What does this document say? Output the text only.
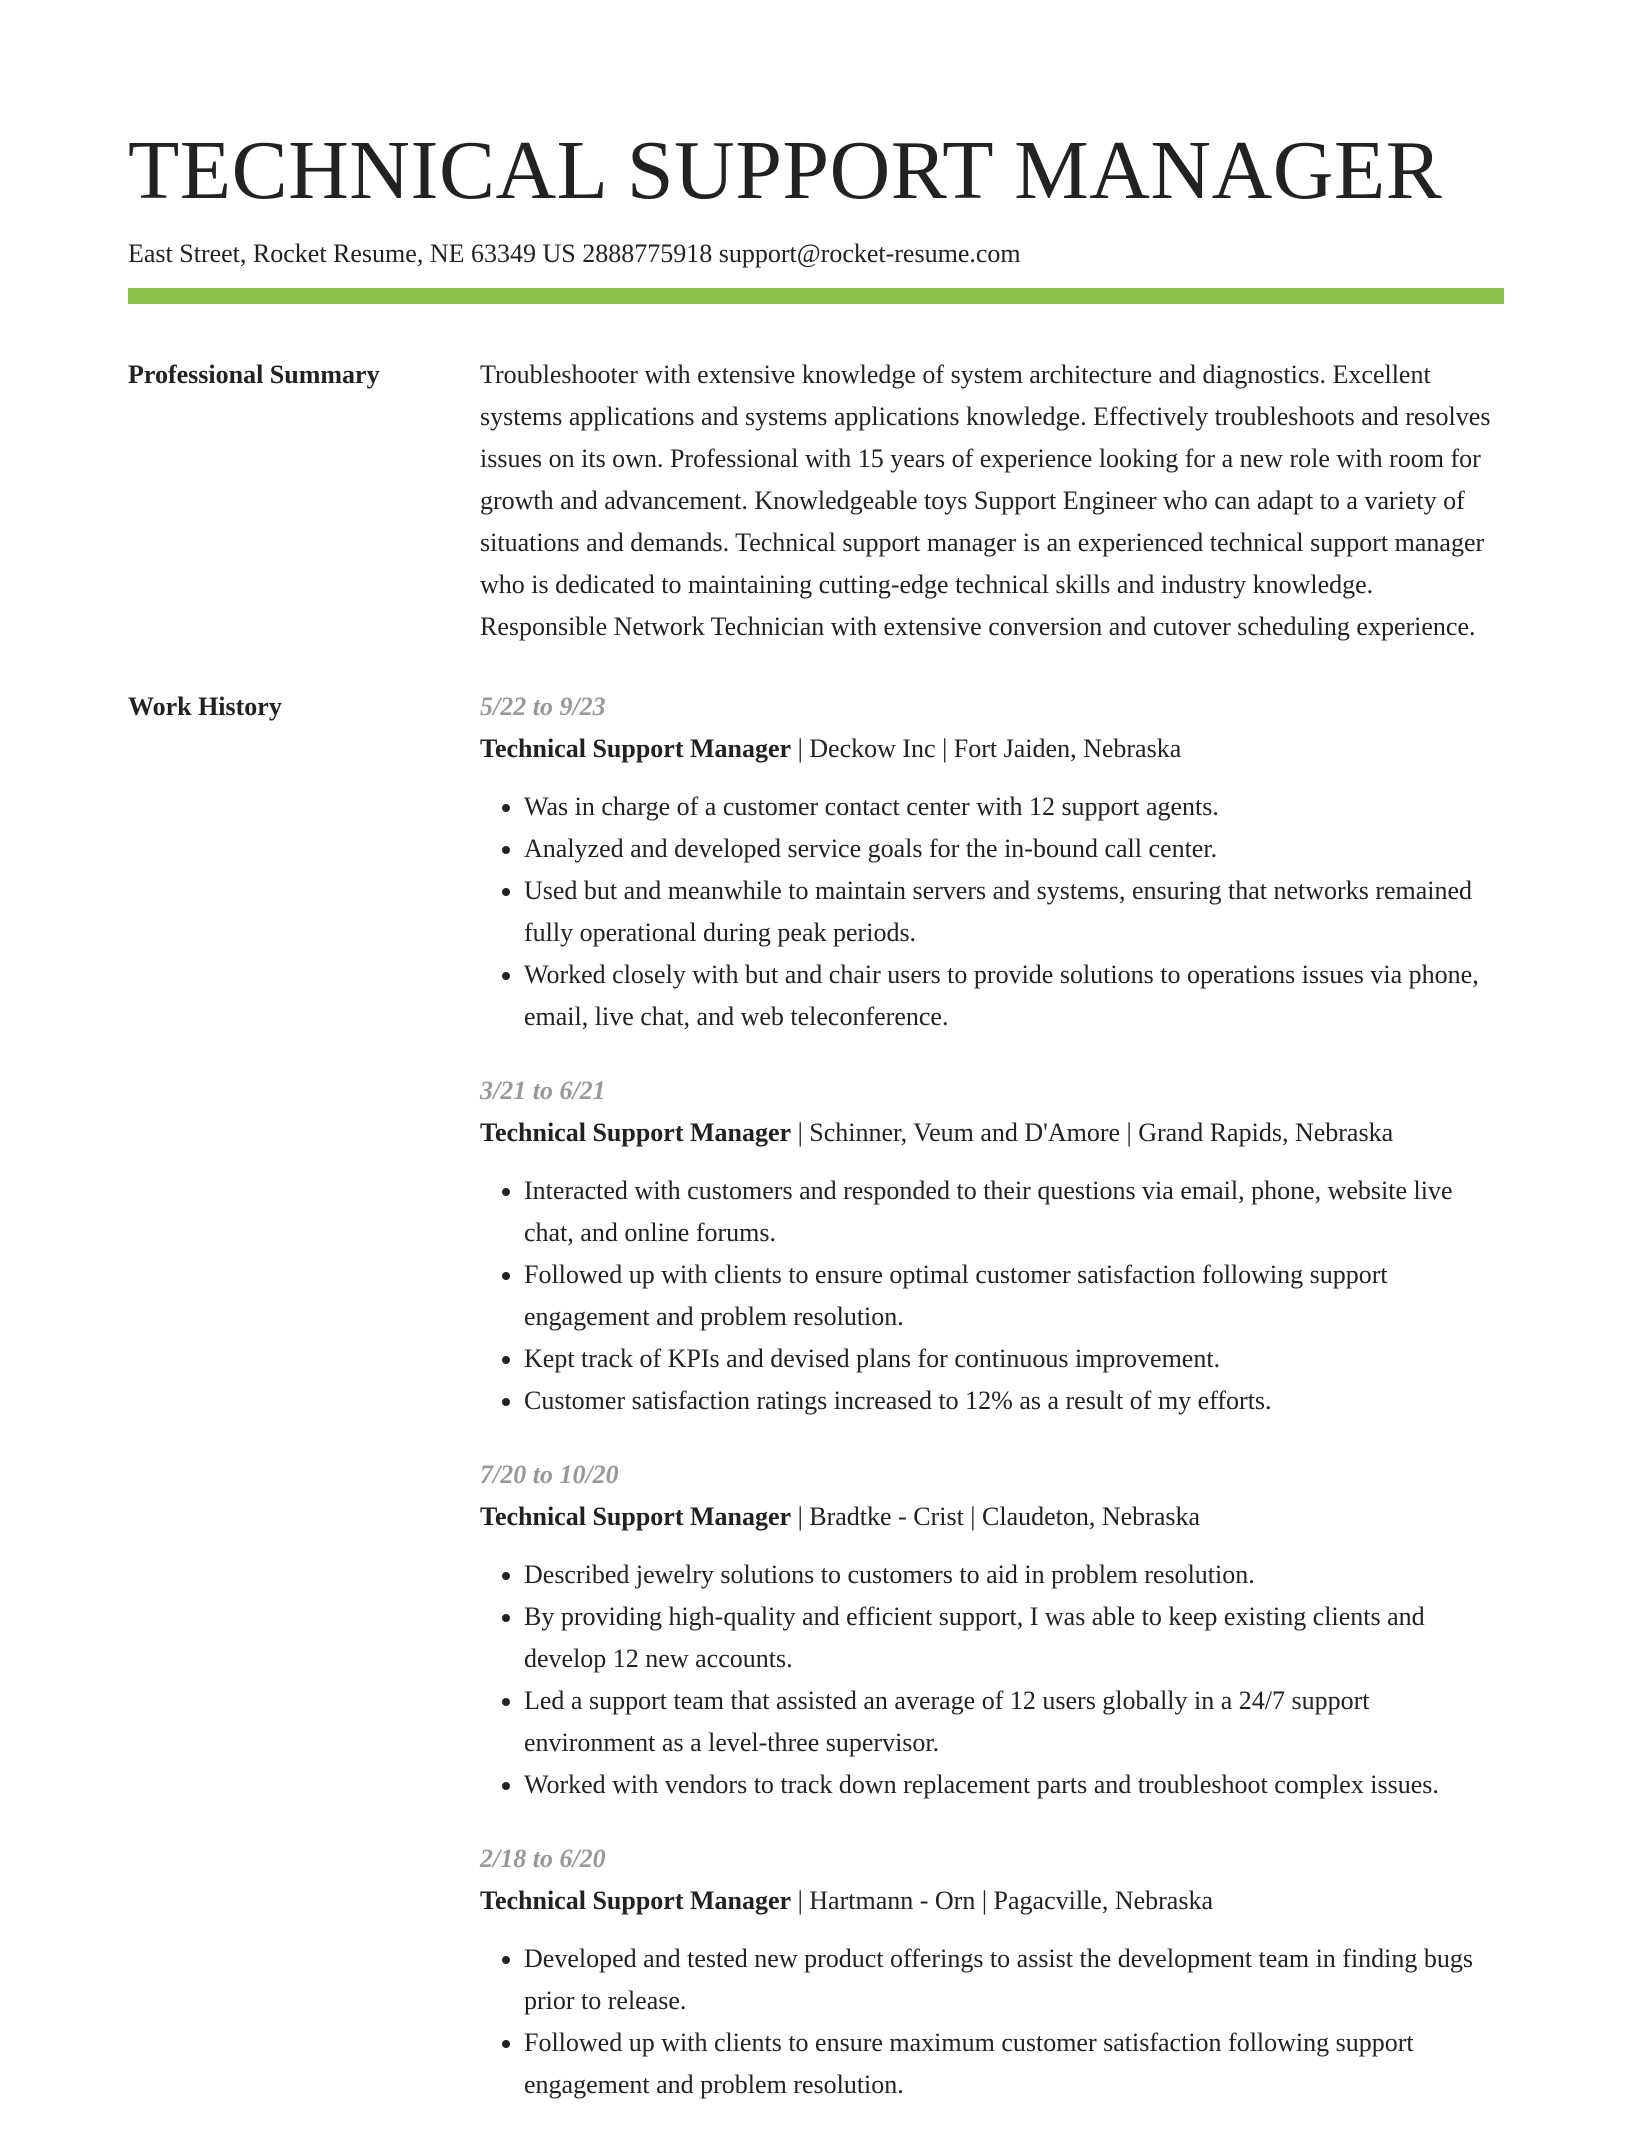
TECHNICAL SUPPORT MANAGER
East Street, Rocket Resume, NE 63349 US 2888775918 support@rocket-resume.com
Professional Summary	Troubleshooter with extensive knowledge of system architecture and diagnostics. Excellent systems applications and systems applications knowledge. Effectively troubleshoots and resolves issues on its own. Professional with 15 years of experience looking for a new role with room for growth and advancement. Knowledgeable toys Support Engineer who can adapt to a variety of situations and demands. Technical support manager is an experienced technical support manager who is dedicated to maintaining cutting-edge technical skills and industry knowledge. Responsible Network Technician with extensive conversion and cutover scheduling experience.

Work History	5/22 to 9/23
Technical Support Manager | Deckow Inc | Fort Jaiden, Nebraska
• Was in charge of a customer contact center with 12 support agents.
• Analyzed and developed service goals for the in-bound call center.
• Used but and meanwhile to maintain servers and systems, ensuring that networks remained fully operational during peak periods.
• Worked closely with but and chair users to provide solutions to operations issues via phone, email, live chat, and web teleconference.
3/21 to 6/21
Technical Support Manager | Schinner, Veum and D'Amore | Grand Rapids, Nebraska
• Interacted with customers and responded to their questions via email, phone, website live chat, and online forums.
• Followed up with clients to ensure optimal customer satisfaction following support engagement and problem resolution.
• Kept track of KPIs and devised plans for continuous improvement.
• Customer satisfaction ratings increased to 12% as a result of my efforts.
7/20 to 10/20
Technical Support Manager | Bradtke - Crist | Claudeton, Nebraska
• Described jewelry solutions to customers to aid in problem resolution.
• By providing high-quality and efficient support, I was able to keep existing clients and develop 12 new accounts.
• Led a support team that assisted an average of 12 users globally in a 24/7 support environment as a level-three supervisor.
• Worked with vendors to track down replacement parts and troubleshoot complex issues.
2/18 to 6/20
Technical Support Manager | Hartmann - Orn | Pagacville, Nebraska
• Developed and tested new product offerings to assist the development team in finding bugs prior to release.
• Followed up with clients to ensure maximum customer satisfaction following support engagement and problem resolution.
